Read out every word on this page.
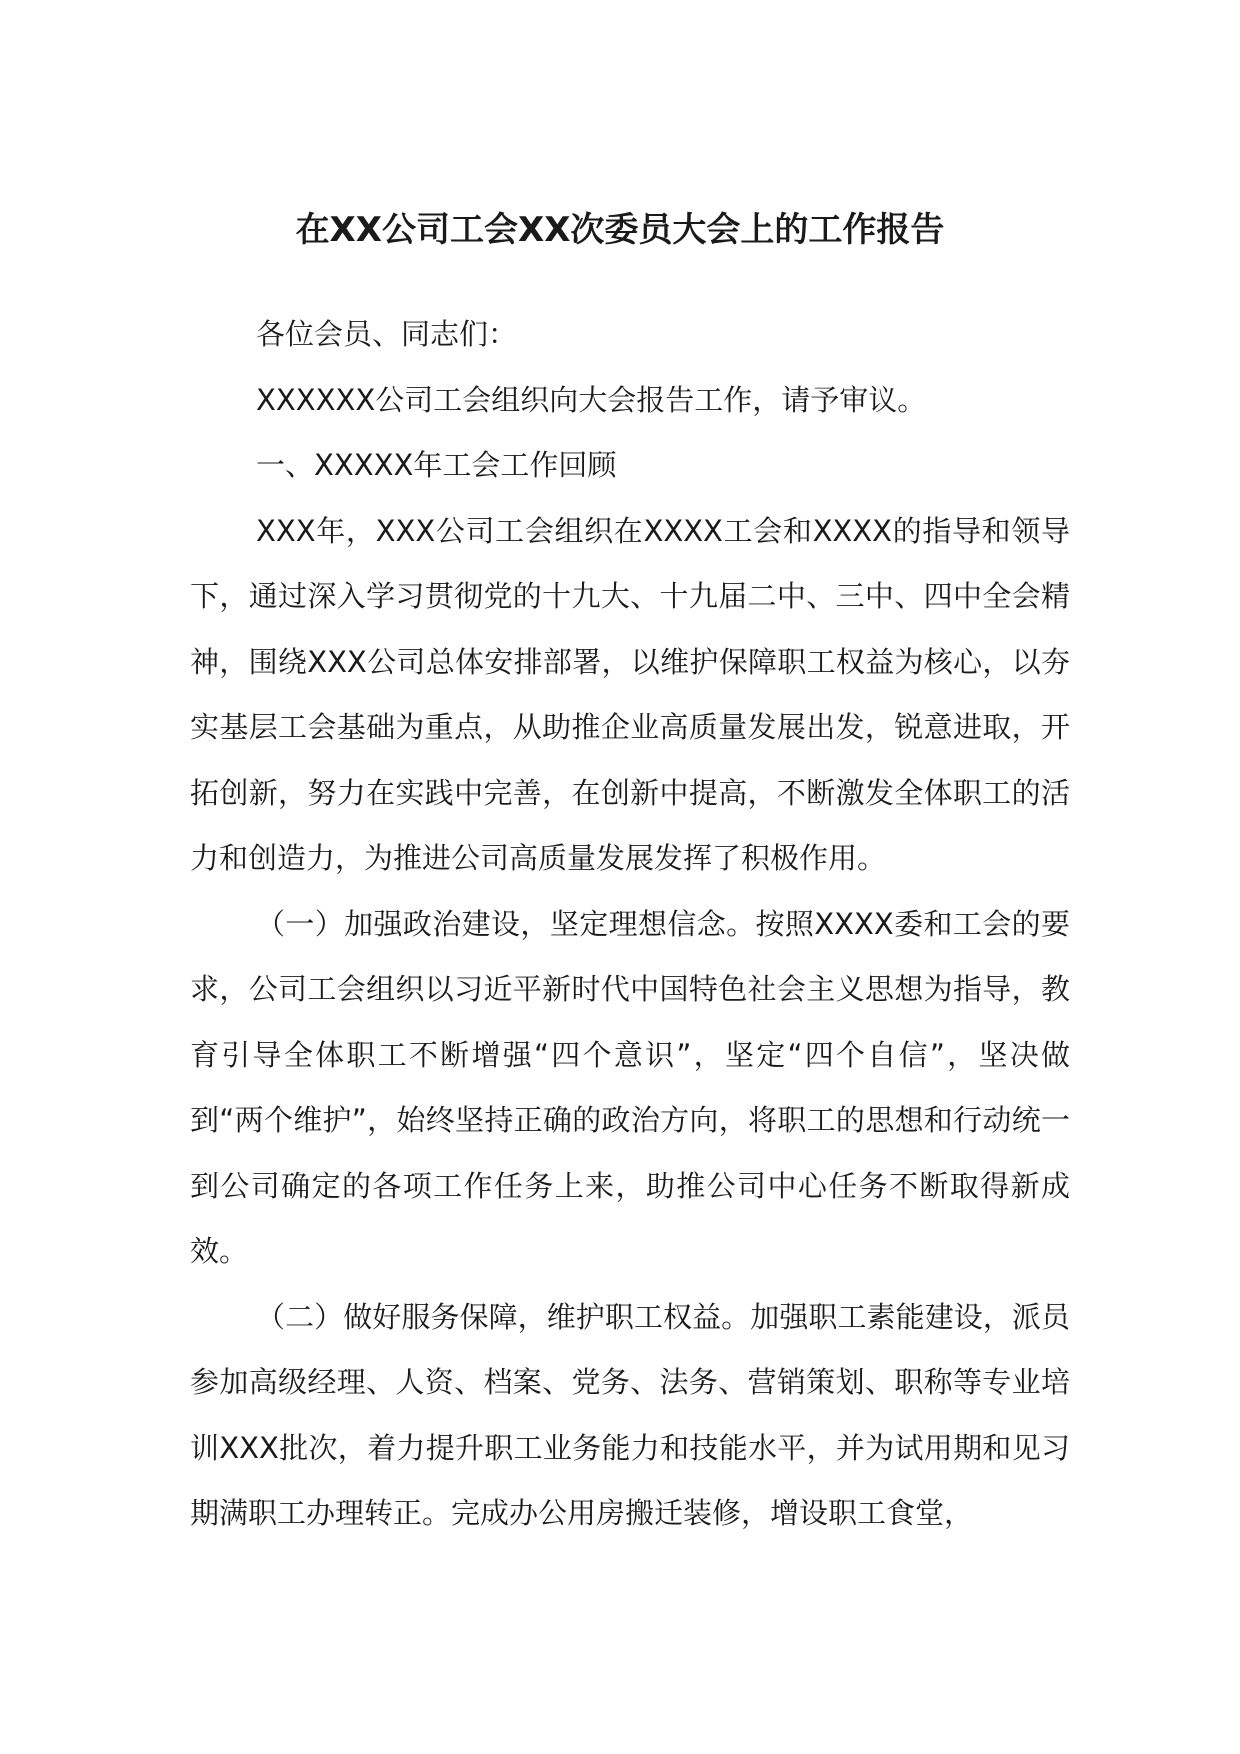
在XX公司工会XX次委员大会上的工作报告

各位会员、同志们：

XXXXXX公司工会组织向大会报告工作，请予审议。

一、XXXXX年工会工作回顾

XXX年，XXX公司工会组织在XXXX工会和XXXX的指导和领导下，通过深入学习贯彻党的十九大、十九届二中、三中、四中全会精神，围绕XXX公司总体安排部署，以维护保障职工权益为核心，以夯实基层工会基础为重点，从助推企业高质量发展出发，锐意进取，开拓创新，努力在实践中完善，在创新中提高，不断激发全体职工的活力和创造力，为推进公司高质量发展发挥了积极作用。

（一）加强政治建设，坚定理想信念。按照XXXX委和工会的要求，公司工会组织以习近平新时代中国特色社会主义思想为指导，教育引导全体职工不断增强“四个意识”，坚定“四个自信”，坚决做到“两个维护”，始终坚持正确的政治方向，将职工的思想和行动统一到公司确定的各项工作任务上来，助推公司中心任务不断取得新成效。

（二）做好服务保障，维护职工权益。加强职工素能建设，派员参加高级经理、人资、档案、党务、法务、营销策划、职称等专业培训XXX批次，着力提升职工业务能力和技能水平，并为试用期和见习期满职工办理转正。完成办公用房搬迁装修，增设职工食堂，
